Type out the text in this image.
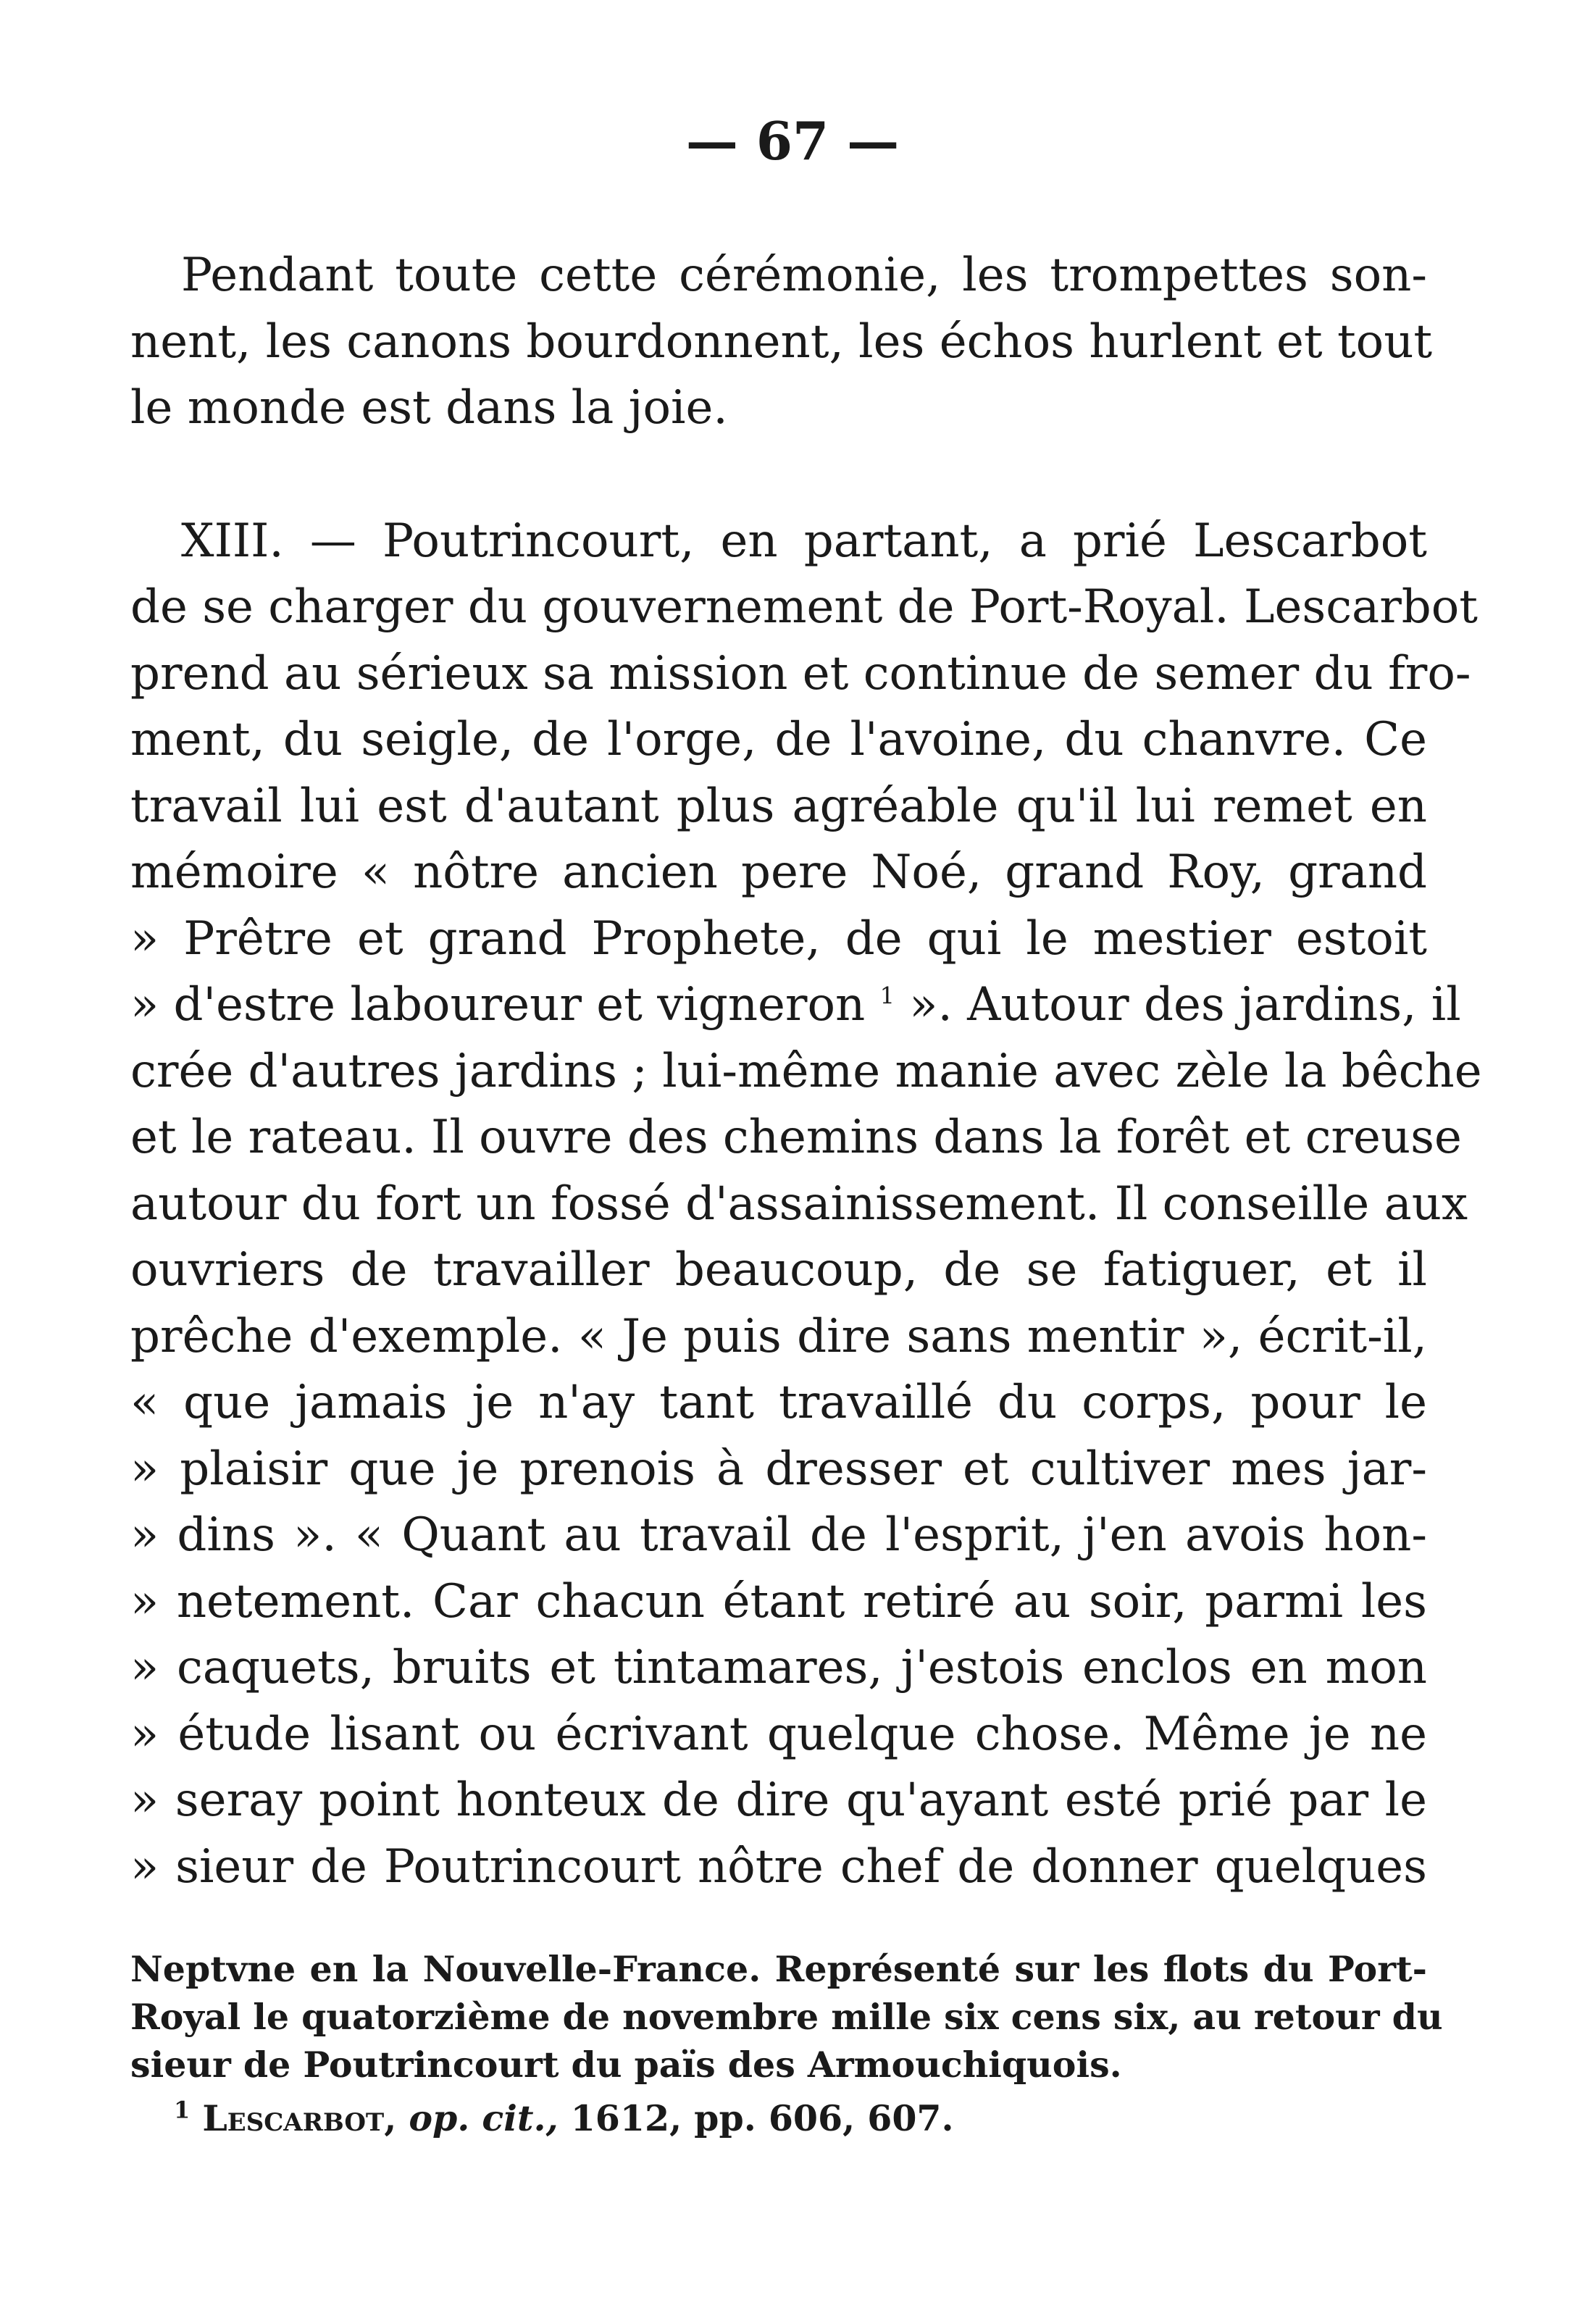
— 67 —
Pendant toute cette cérémonie, les trompettes son-
nent, les canons bourdonnent, les échos hurlent et tout
le monde est dans la joie.
XIII. — Poutrincourt, en partant, a prié Lescarbot
de se charger du gouvernement de Port-Royal. Lescarbot
prend au sérieux sa mission et continue de semer du fro-
ment, du seigle, de l'orge, de l'avoine, du chanvre. Ce
travail lui est d'autant plus agréable qu'il lui remet en
mémoire « nôtre ancien pere Noé, grand Roy, grand
» Prêtre et grand Prophete, de qui le mestier estoit
» d'estre laboureur et vigneron $^1$ ». Autour des jardins, il
crée d'autres jardins ; lui-même manie avec zèle la bêche
et le rateau. Il ouvre des chemins dans la forêt et creuse
autour du fort un fossé d'assainissement. Il conseille aux
ouvriers de travailler beaucoup, de se fatiguer, et il
prêche d'exemple. « Je puis dire sans mentir », écrit-il,
« que jamais je n'ay tant travaillé du corps, pour le
» plaisir que je prenois à dresser et cultiver mes jar-
» dins ». « Quant au travail de l'esprit, j'en avois hon-
» netement. Car chacun étant retiré au soir, parmi les
» caquets, bruits et tintamares, j'estois enclos en mon
» étude lisant ou écrivant quelque chose. Même je ne
» seray point honteux de dire qu'ayant esté prié par le
» sieur de Poutrincourt nôtre chef de donner quelques
Neptvne en la Nouvelle-France. Représenté sur les flots du Port-
Royal le quatorzième de novembre mille six cens six, au retour du
sieur de Poutrincourt du païs des Armouchiquois.
$^1$ Lescarbot, op. cit., 1612, pp. 606, 607.
